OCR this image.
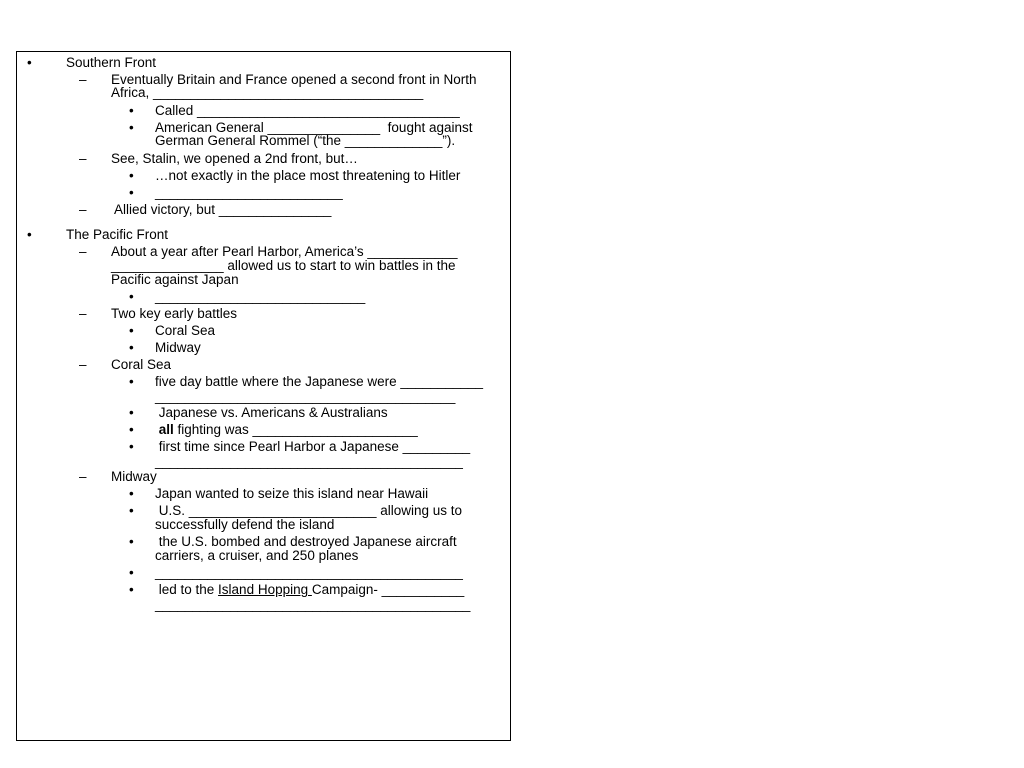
•	Southern Front
– Eventually Britain and France opened a second front in North
Africa, ____________________________________
• Called ___________________________________
• American General _______________  fought against
German General Rommel (“the _____________”).
– See, Stalin, we opened a 2nd front, but…
• …not exactly in the place most threatening to Hitler
• _________________________
– Allied victory, but _______________
•	The Pacific Front
– About a year after Pearl Harbor, America’s ____________
_______________ allowed us to start to win battles in the
Pacific against Japan
• ____________________________
– Two key early battles
• Coral Sea
• Midway
– Coral Sea
• five day battle where the Japanese were ___________
________________________________________
• Japanese vs. Americans & Australians
• all fighting was ______________________
• first time since Pearl Harbor a Japanese _________
_________________________________________
– Midway
• Japan wanted to seize this island near Hawaii
• U.S. _________________________ allowing us to
successfully defend the island
• the U.S. bombed and destroyed Japanese aircraft
carriers, a cruiser, and 250 planes
• _________________________________________
• led to the Island Hopping Campaign- ___________
__________________________________________
